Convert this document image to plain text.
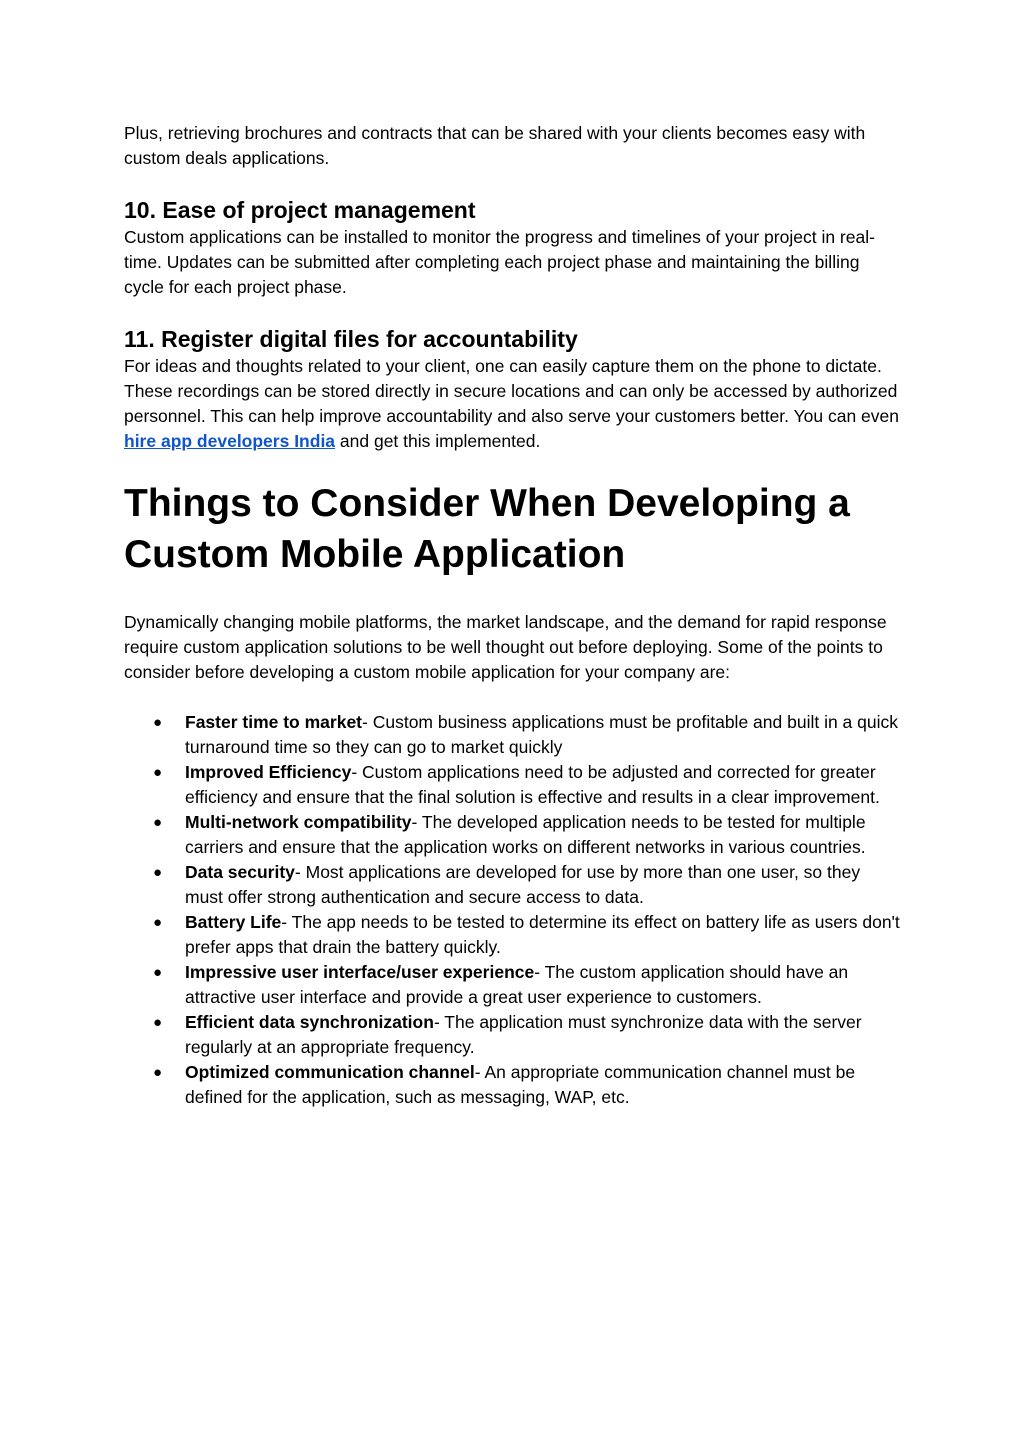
Plus, retrieving brochures and contracts that can be shared with your clients becomes easy with custom deals applications.

10. Ease of project management

Custom applications can be installed to monitor the progress and timelines of your project in real-time. Updates can be submitted after completing each project phase and maintaining the billing cycle for each project phase.

11. Register digital files for accountability

For ideas and thoughts related to your client, one can easily capture them on the phone to dictate. These recordings can be stored directly in secure locations and can only be accessed by authorized personnel. This can help improve accountability and also serve your customers better. You can even hire app developers India and get this implemented.

Things to Consider When Developing a Custom Mobile Application

Dynamically changing mobile platforms, the market landscape, and the demand for rapid response require custom application solutions to be well thought out before deploying. Some of the points to consider before developing a custom mobile application for your company are:

● Faster time to market- Custom business applications must be profitable and built in a quick turnaround time so they can go to market quickly
● Improved Efficiency- Custom applications need to be adjusted and corrected for greater efficiency and ensure that the final solution is effective and results in a clear improvement.
● Multi-network compatibility- The developed application needs to be tested for multiple carriers and ensure that the application works on different networks in various countries.
● Data security- Most applications are developed for use by more than one user, so they must offer strong authentication and secure access to data.
● Battery Life- The app needs to be tested to determine its effect on battery life as users don't prefer apps that drain the battery quickly.
● Impressive user interface/user experience- The custom application should have an attractive user interface and provide a great user experience to customers.
● Efficient data synchronization- The application must synchronize data with the server regularly at an appropriate frequency.
● Optimized communication channel- An appropriate communication channel must be defined for the application, such as messaging, WAP, etc.
